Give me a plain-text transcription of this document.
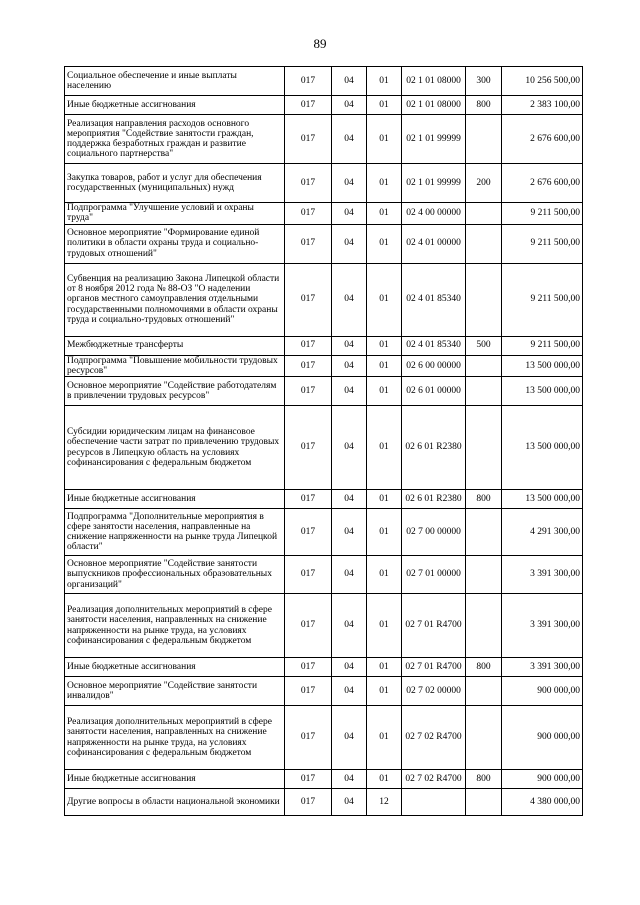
89
Социальное обеспечение и иные выплаты населению	017	04	01	02 1 01 08000	300	10 256 500,00
Иные бюджетные ассигнования	017	04	01	02 1 01 08000	800	2 383 100,00
Реализация направления расходов основного мероприятия "Содействие занятости граждан, поддержка безработных граждан и развитие социального партнерства"	017	04	01	02 1 01 99999		2 676 600,00
Закупка товаров, работ и услуг для обеспечения государственных (муниципальных) нужд	017	04	01	02 1 01 99999	200	2 676 600,00
Подпрограмма "Улучшение условий и охраны труда"	017	04	01	02 4 00 00000		9 211 500,00
Основное мероприятие "Формирование единой политики в области охраны труда и социально-трудовых отношений"	017	04	01	02 4 01 00000		9 211 500,00
Субвенция на реализацию Закона Липецкой области от 8 ноября 2012 года № 88-ОЗ "О наделении органов местного самоуправления отдельными государственными полномочиями в области охраны труда и социально-трудовых отношений"	017	04	01	02 4 01 85340		9 211 500,00
Межбюджетные трансферты	017	04	01	02 4 01 85340	500	9 211 500,00
Подпрограмма "Повышение мобильности трудовых ресурсов"	017	04	01	02 6 00 00000		13 500 000,00
Основное мероприятие "Содействие работодателям в привлечении трудовых ресурсов"	017	04	01	02 6 01 00000		13 500 000,00
Субсидии юридическим лицам на финансовое обеспечение части затрат по привлечению трудовых ресурсов в Липецкую область на условиях софинансирования с федеральным бюджетом	017	04	01	02 6 01 R2380		13 500 000,00
Иные бюджетные ассигнования	017	04	01	02 6 01 R2380	800	13 500 000,00
Подпрограмма "Дополнительные мероприятия в сфере занятости населения, направленные на снижение напряженности на рынке труда Липецкой области"	017	04	01	02 7 00 00000		4 291 300,00
Основное мероприятие "Содействие занятости выпускников профессиональных образовательных организаций"	017	04	01	02 7 01 00000		3 391 300,00
Реализация дополнительных мероприятий в сфере занятости населения, направленных на снижение напряженности на рынке труда, на условиях софинансирования с федеральным бюджетом	017	04	01	02 7 01 R4700		3 391 300,00
Иные бюджетные ассигнования	017	04	01	02 7 01 R4700	800	3 391 300,00
Основное мероприятие "Содействие занятости инвалидов"	017	04	01	02 7 02 00000		900 000,00
Реализация дополнительных мероприятий в сфере занятости населения, направленных на снижение напряженности на рынке труда, на условиях софинансирования с федеральным бюджетом	017	04	01	02 7 02 R4700		900 000,00
Иные бюджетные ассигнования	017	04	01	02 7 02 R4700	800	900 000,00
Другие вопросы в области национальной экономики	017	04	12			4 380 000,00
